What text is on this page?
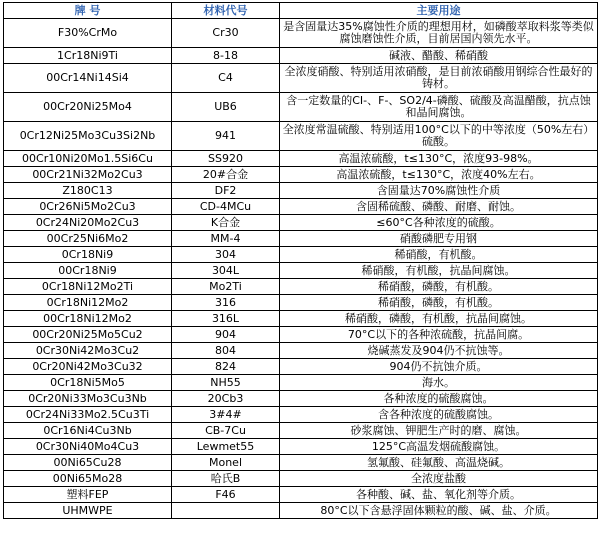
牌 号	材料代号	主要用途
F30%CrMo	Cr30	是含固量达35%腐蚀性介质的理想用材，如磷酸萃取料浆等类似腐蚀磨蚀性介质，目前居国内领先水平。
1Cr18Ni9Ti	8-18	碱液、醋酸、稀硝酸
00Cr14Ni14Si4	C4	全浓度硝酸、特别适用浓硝酸，是目前浓硝酸用钢综合性最好的铸材。
00Cr20Ni25Mo4	UB6	含一定数量的CI-、F-、SO2/4-磷酸、硫酸及高温醋酸，抗点蚀和晶间腐蚀。
0Cr12Ni25Mo3Cu3Si2Nb	941	全浓度常温硫酸、特别适用100°C以下的中等浓度（50%左右）硫酸。
00Cr10Ni20Mo1.5Si6Cu	SS920	高温浓硫酸，t≤130°C，浓度93-98%。
00Cr21Ni32Mo2Cu3	20#合金	高温浓硫酸，t≤130°C，浓度40%左右。
Z180C13	DF2	含固量达70%腐蚀性介质
0Cr26Ni5Mo2Cu3	CD-4MCu	含固稀硫酸、磷酸、耐磨、耐蚀。
0Cr24Ni20Mo2Cu3	K合金	≤60°C各种浓度的硫酸。
00Cr25Ni6Mo2	MM-4	硝酸磷肥专用钢
0Cr18Ni9	304	稀硝酸，有机酸。
00Cr18Ni9	304L	稀硝酸，有机酸，抗晶间腐蚀。
0Cr18Ni12Mo2Ti	Mo2Ti	稀硝酸，磷酸，有机酸。
0Cr18Ni12Mo2	316	稀硝酸，磷酸，有机酸。
00Cr18Ni12Mo2	316L	稀硝酸，磷酸，有机酸，抗晶间腐蚀。
00Cr20Ni25Mo5Cu2	904	70°C以下的各种浓硫酸，抗晶间腐。
0Cr30Ni42Mo3Cu2	804	烧碱蒸发及904仍不抗蚀等。
0Cr20Ni42Mo3Cu32	824	904仍不抗蚀介质。
0Cr18Ni5Mo5	NH55	海水。
0Cr20Ni33Mo3Cu3Nb	20Cb3	各种浓度的硫酸腐蚀。
0Cr24Ni33Mo2.5Cu3Ti	3#4#	含各种浓度的硫酸腐蚀。
0Cr16Ni4Cu3Nb	CB-7Cu	砂浆腐蚀、钾肥生产时的磨、腐蚀。
0Cr30Ni40Mo4Cu3	Lewmet55	125°C高温发烟硫酸腐蚀。
00Ni65Cu28	Monel	氢氟酸、硅氟酸、高温烧碱。
00Ni65Mo28	哈氏B	全浓度盐酸
塑料FEP	F46	各种酸、碱、盐、氧化剂等介质。
UHMWPE		80°C以下含悬浮固体颗粒的酸、碱、盐、介质。
